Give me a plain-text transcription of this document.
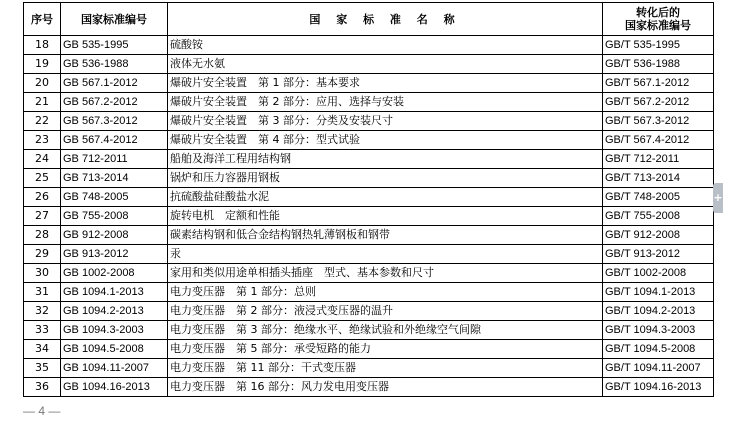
序号	国家标准编号	国 家 标 准 名 称	转化后的
国家标准编号

18	GB 535-1995	硫酸铵	GB/T 535-1995
19	GB 536-1988	液体无水氨	GB/T 536-1988
20	GB 567.1-2012	爆破片安全装置　第 1 部分：基本要求	GB/T 567.1-2012
21	GB 567.2-2012	爆破片安全装置　第 2 部分：应用、选择与安装	GB/T 567.2-2012
22	GB 567.3-2012	爆破片安全装置　第 3 部分：分类及安装尺寸	GB/T 567.3-2012
23	GB 567.4-2012	爆破片安全装置　第 4 部分：型式试验	GB/T 567.4-2012
24	GB 712-2011	船舶及海洋工程用结构钢	GB/T 712-2011
25	GB 713-2014	锅炉和压力容器用钢板	GB/T 713-2014
26	GB 748-2005	抗硫酸盐硅酸盐水泥	GB/T 748-2005
27	GB 755-2008	旋转电机　定额和性能	GB/T 755-2008
28	GB 912-2008	碳素结构钢和低合金结构钢热轧薄钢板和钢带	GB/T 912-2008
29	GB 913-2012	汞	GB/T 913-2012
30	GB 1002-2008	家用和类似用途单相插头插座　型式、基本参数和尺寸	GB/T 1002-2008
31	GB 1094.1-2013	电力变压器　第 1 部分：总则	GB/T 1094.1-2013
32	GB 1094.2-2013	电力变压器　第 2 部分：液浸式变压器的温升	GB/T 1094.2-2013
33	GB 1094.3-2003	电力变压器　第 3 部分：绝缘水平、绝缘试验和外绝缘空气间隙	GB/T 1094.3-2003
34	GB 1094.5-2008	电力变压器　第 5 部分：承受短路的能力	GB/T 1094.5-2008
35	GB 1094.11-2007	电力变压器　第 11 部分：干式变压器	GB/T 1094.11-2007
36	GB 1094.16-2013	电力变压器　第 16 部分：风力发电用变压器	GB/T 1094.16-2013
— 4 —
+
